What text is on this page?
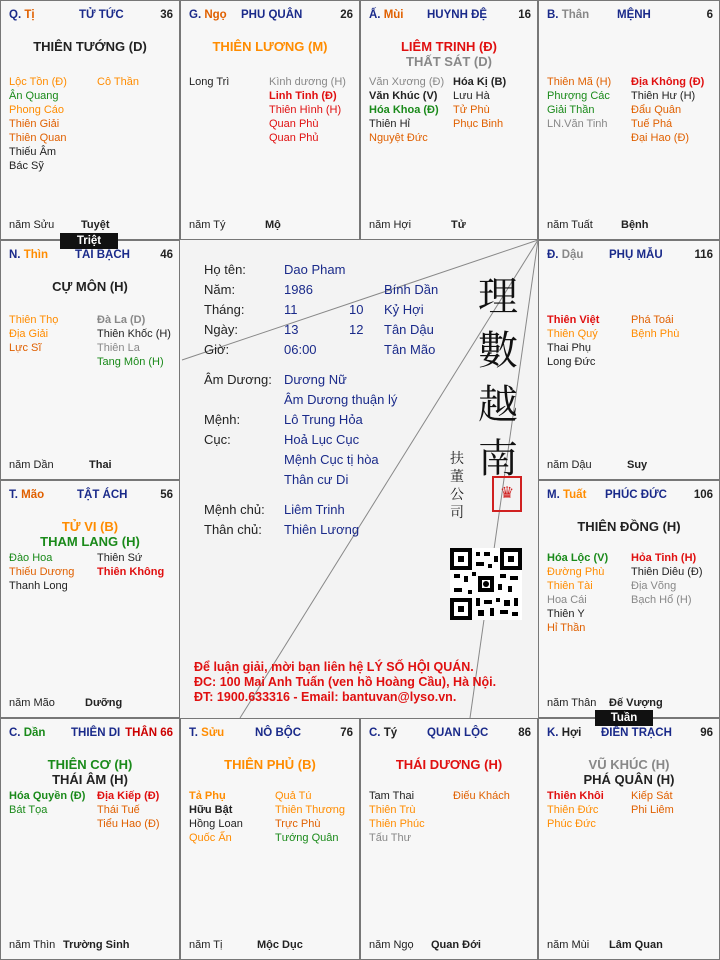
Q. Tị	TỬ TỨC	36
THIÊN TƯỚNG (D)
Lộc Tồn (Đ)
Ân Quang
Phong Cáo
Thiên Giải
Thiên Quan
Thiếu Âm
Bác Sỹ
Cô Thần
năm Sửu Tuyệt
G. Ngọ PHU QUÂN	26
THIÊN LƯƠNG (M)
Long Trì	Kình dương (H)
Linh Tinh (Đ)
Thiên Hình (H)
Quan Phù
Quan Phủ
năm Tý	Mộ
Ấ. Mùi HUYNH ĐỆ	16
LIÊM TRINH (Đ)
THẤT SÁT (D)
Văn Xương (Đ)
Văn Khúc (V)
Hóa Khoa (Đ)
Thiên Hỉ
Nguyệt Đức
Hóa Kị (B)
Lưu Hà
Tử Phù
Phục Binh
năm Hợi	Tử
B. Thân MỆNH	6
Thiên Mã (H)
Phượng Các
Giải Thần
LN.Văn Tinh
Địa Không (Đ)
Thiên Hư (H)
Đẩu Quân
Tuế Phá
Đại Hao (Đ)
năm Tuất	Bệnh
N. Thìn TÀI BẠCH	46
CỰ MÔN (H)
Thiên Thọ
Địa Giải
Lực Sĩ
Đà La (D)
Thiên Khốc (H)
Thiên La
Tang Môn (H)
năm Dần	Thai
Đ. Dậu PHỤ MẪU	116
Thiên Việt
Thiên Quý
Thai Phụ
Long Đức
Phá Toái
Bệnh Phù
năm Dậu	Suy
T. Mão	TẬT ÁCH	56
TỬ VI (B)
THAM LANG (H)
Đào Hoa
Thiếu Dương
Thanh Long
Thiên Sứ
Thiên Không
năm Mão	Dưỡng
M. Tuất PHÚC ĐỨC 106
THIÊN ĐỒNG (H)
Hóa Lộc (V)
Đường Phù
Thiên Tài
Hoa Cái
Thiên Y
Hỉ Thần
Hỏa Tinh (H)
Thiên Diêu (Đ)
Địa Võng
Bạch Hổ (H)
năm Thân Đế Vượng
C. Dần THIÊN DI THÂN 66
THIÊN CƠ (H)
THÁI ÂM (H)
Hóa Quyền (Đ)
Bát Tọa
Địa Kiếp (Đ)
Thái Tuế
Tiểu Hao (Đ)
năm Thìn Trường Sinh
T. Sửu	NÔ BỘC	76
THIÊN PHỦ (B)
Tả Phụ
Hữu Bật
Hồng Loan
Quốc Ấn
Quả Tú
Thiên Thương
Trực Phù
Tướng Quân
năm Tị	Mộc Dục
C. Tý	QUAN LỘC	86
THÁI DƯƠNG (H)
Tam Thai
Thiên Trù
Thiên Phúc
Tấu Thư
Điếu Khách
năm Ngọ Quan Đới
K. Hợi ĐIỀN TRẠCH 96
VŨ KHÚC (H)
PHÁ QUÂN (H)
Thiên Khôi
Thiên Đức
Phúc Đức
Kiếp Sát
Phi Liêm
năm Mùi Lâm Quan
Triệt
Tuần
Họ tên:	Dao Pham
Năm:	1986	Bính Dần
Tháng:	11	10 Kỷ Hợi
Ngày:	13	12 Tân Dậu
Giờ:	06:00	Tân Mão
Âm Dương: Dương Nữ
Âm Dương thuận lý
Mệnh:	Lô Trung Hỏa
Cục:	Hoả Lục Cục
Mệnh Cục tị hòa
Thân cư Di
Mệnh chủ: Liêm Trinh
Thân chủ: Thiên Lương
理
數
越
南
扶
董
公
司
♛
Để luận giải, mời bạn liên hệ LÝ SỐ HỘI QUÁN.
ĐC: 100 Mai Anh Tuấn (ven hồ Hoàng Cầu), Hà Nội.
ĐT: 1900.633316 - Email: bantuvan@lyso.vn.
